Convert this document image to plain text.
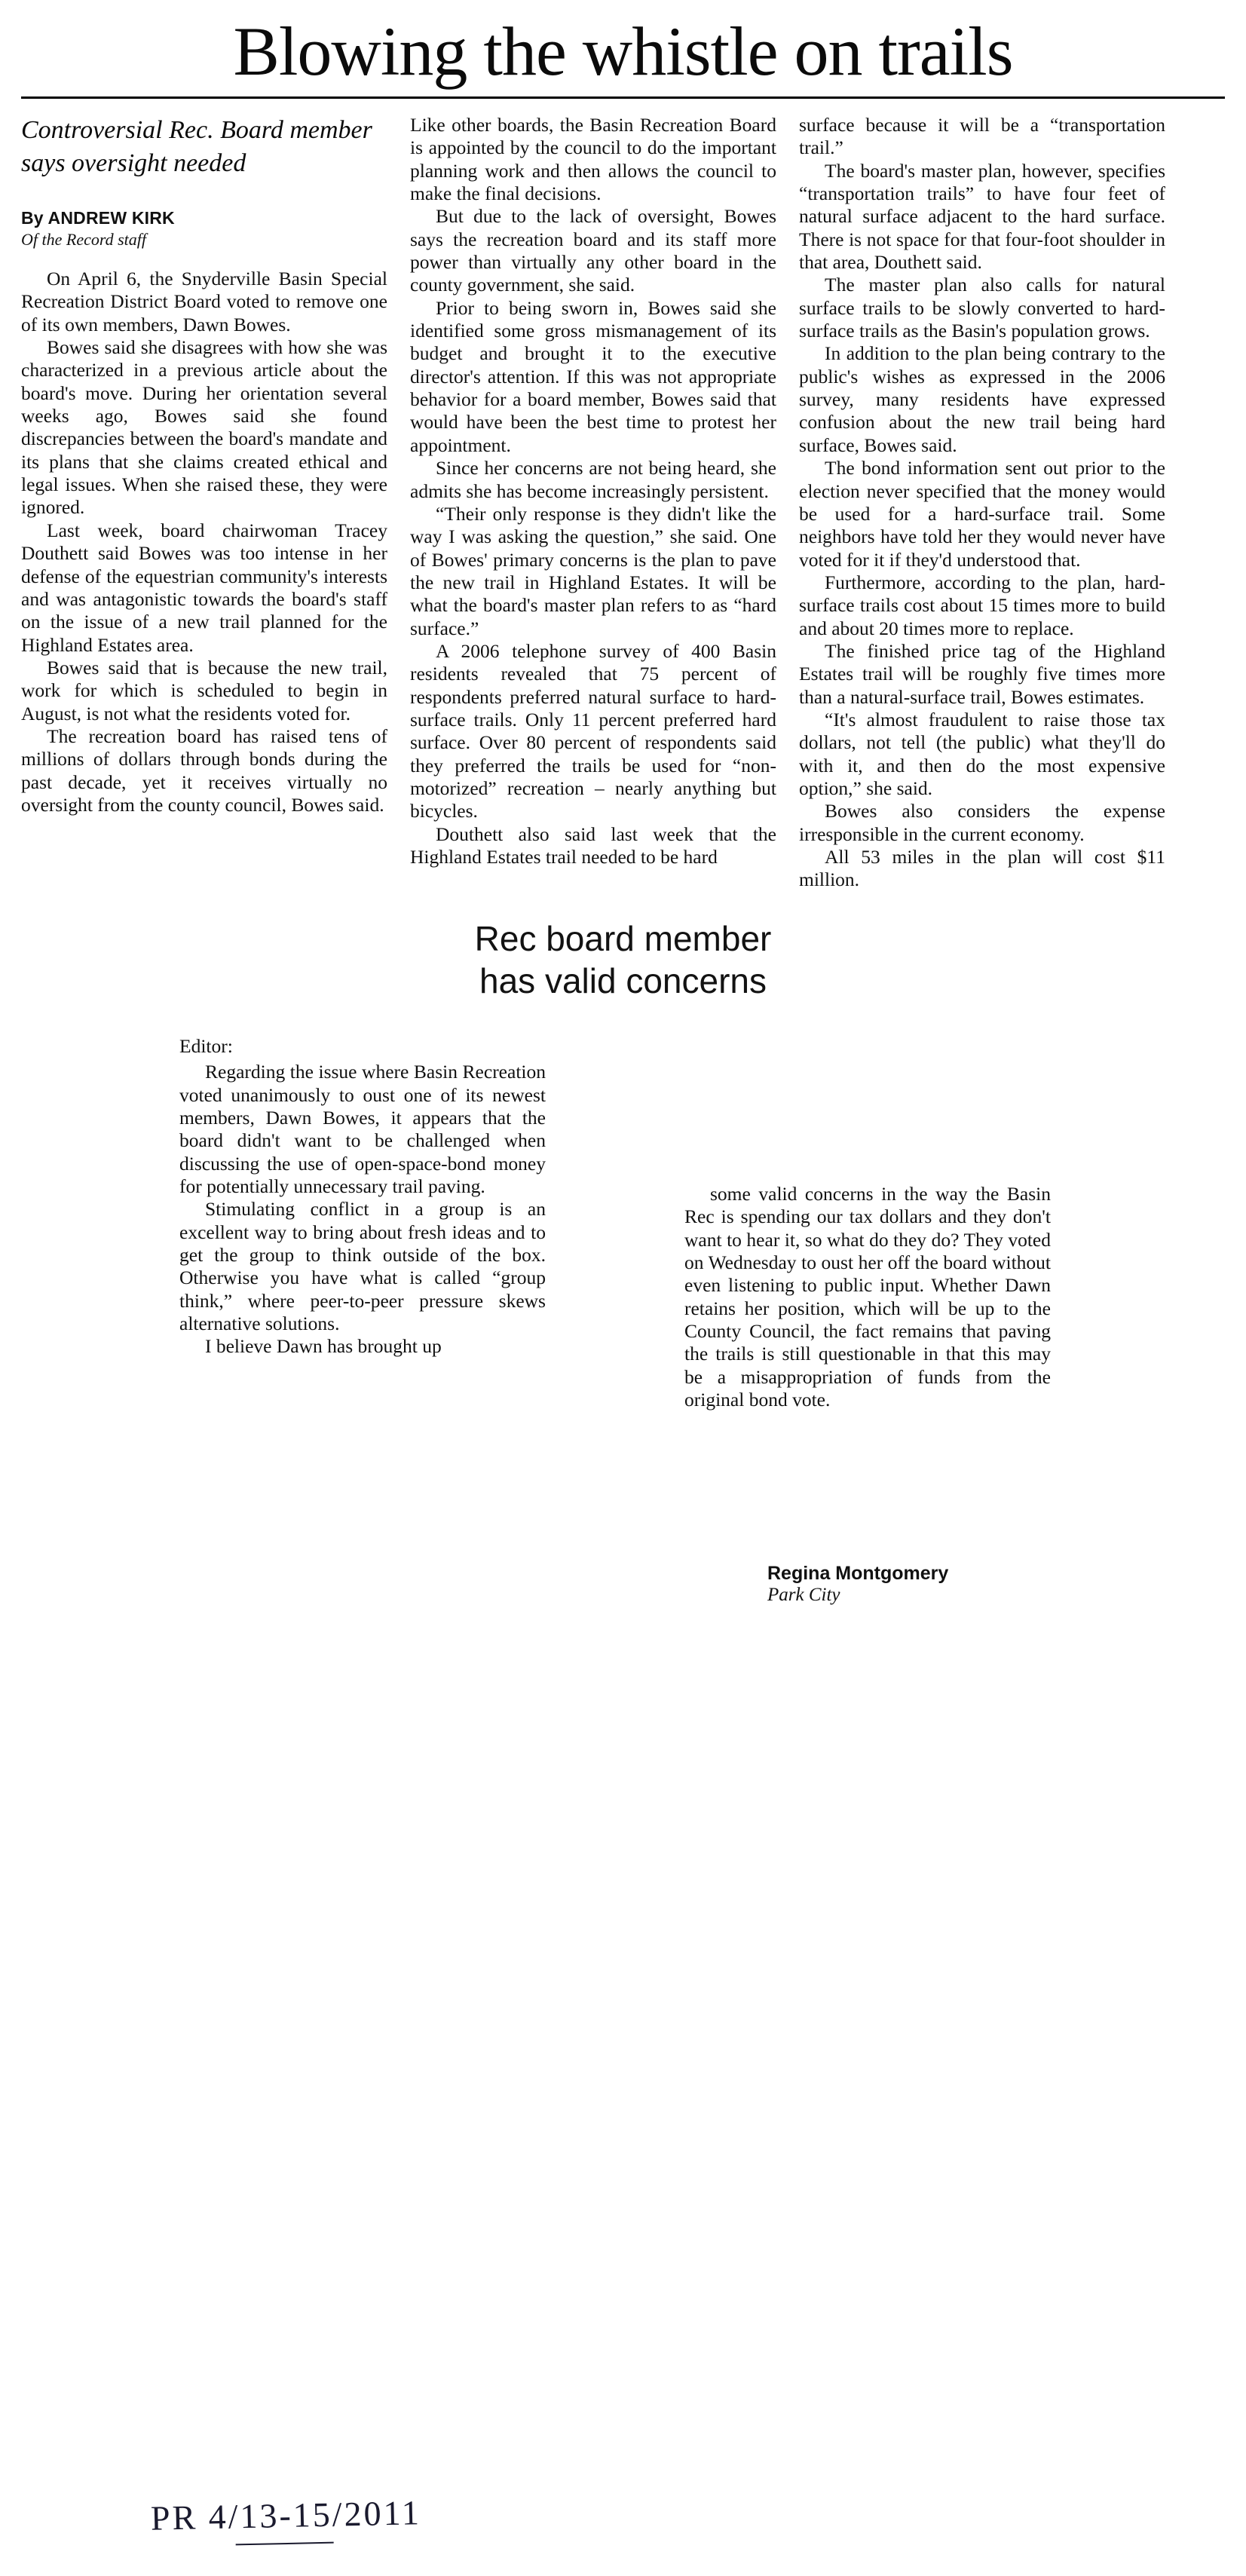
Blowing the whistle on trails
Controversial Rec. Board member says oversight needed
By ANDREW KIRK
Of the Record staff

On April 6, the Snyderville Basin Special Recreation District Board voted to remove one of its own members, Dawn Bowes.

Bowes said she disagrees with how she was characterized in a previous article about the board's move. During her orientation several weeks ago, Bowes said she found discrepancies between the board's mandate and its plans that she claims created ethical and legal issues. When she raised these, they were ignored.

Last week, board chairwoman Tracey Douthett said Bowes was too intense in her defense of the equestrian community's interests and was antagonistic towards the board's staff on the issue of a new trail planned for the Highland Estates area.

Bowes said that is because the new trail, work for which is scheduled to begin in August, is not what the residents voted for.

The recreation board has raised tens of millions of dollars through bonds during the past decade, yet it receives virtually no oversight from the county council, Bowes said.

Like other boards, the Basin Recreation Board is appointed by the council to do the important planning work and then allows the council to make the final decisions.

But due to the lack of oversight, Bowes says the recreation board and its staff more power than virtually any other board in the county government, she said.

Prior to being sworn in, Bowes said she identified some gross mismanagement of its budget and brought it to the executive director's attention. If this was not appropriate behavior for a board member, Bowes said that would have been the best time to protest her appointment.

Since her concerns are not being heard, she admits she has become increasingly persistent.

“Their only response is they didn't like the way I was asking the question,” she said. One of Bowes' primary concerns is the plan to pave the new trail in Highland Estates. It will be what the board's master plan refers to as “hard surface.”

A 2006 telephone survey of 400 Basin residents revealed that 75 percent of respondents preferred natural surface to hard-surface trails. Only 11 percent preferred hard surface. Over 80 percent of respondents said they preferred the trails be used for “non-motorized” recreation – nearly anything but bicycles.

Douthett also said last week that the Highland Estates trail needed to be hard

surface because it will be a “transportation trail.”

The board's master plan, however, specifies “transportation trails” to have four feet of natural surface adjacent to the hard surface. There is not space for that four-foot shoulder in that area, Douthett said.

The master plan also calls for natural surface trails to be slowly converted to hard-surface trails as the Basin's population grows.

In addition to the plan being contrary to the public's wishes as expressed in the 2006 survey, many residents have expressed confusion about the new trail being hard surface, Bowes said.

The bond information sent out prior to the election never specified that the money would be used for a hard-surface trail. Some neighbors have told her they would never have voted for it if they'd understood that.

Furthermore, according to the plan, hard-surface trails cost about 15 times more to build and about 20 times more to replace.

The finished price tag of the Highland Estates trail will be roughly five times more than a natural-surface trail, Bowes estimates.

“It's almost fraudulent to raise those tax dollars, not tell (the public) what they'll do with it, and then do the most expensive option,” she said.

Bowes also considers the expense irresponsible in the current economy.

All 53 miles in the plan will cost $11 million.

Rec board member
has valid concerns

Editor:

Regarding the issue where Basin Recreation voted unanimously to oust one of its newest members, Dawn Bowes, it appears that the board didn't want to be challenged when discussing the use of open-space-bond money for potentially unnecessary trail paving.

Stimulating conflict in a group is an excellent way to bring about fresh ideas and to get the group to think outside of the box. Otherwise you have what is called “group think,” where peer-to-peer pressure skews alternative solutions.

I believe Dawn has brought up

some valid concerns in the way the Basin Rec is spending our tax dollars and they don't want to hear it, so what do they do? They voted on Wednesday to oust her off the board without even listening to public input. Whether Dawn retains her position, which will be up to the County Council, the fact remains that paving the trails is still questionable in that this may be a misappropriation of funds from the original bond vote.

Regina Montgomery

Park City

PR 4/13-15/2011
